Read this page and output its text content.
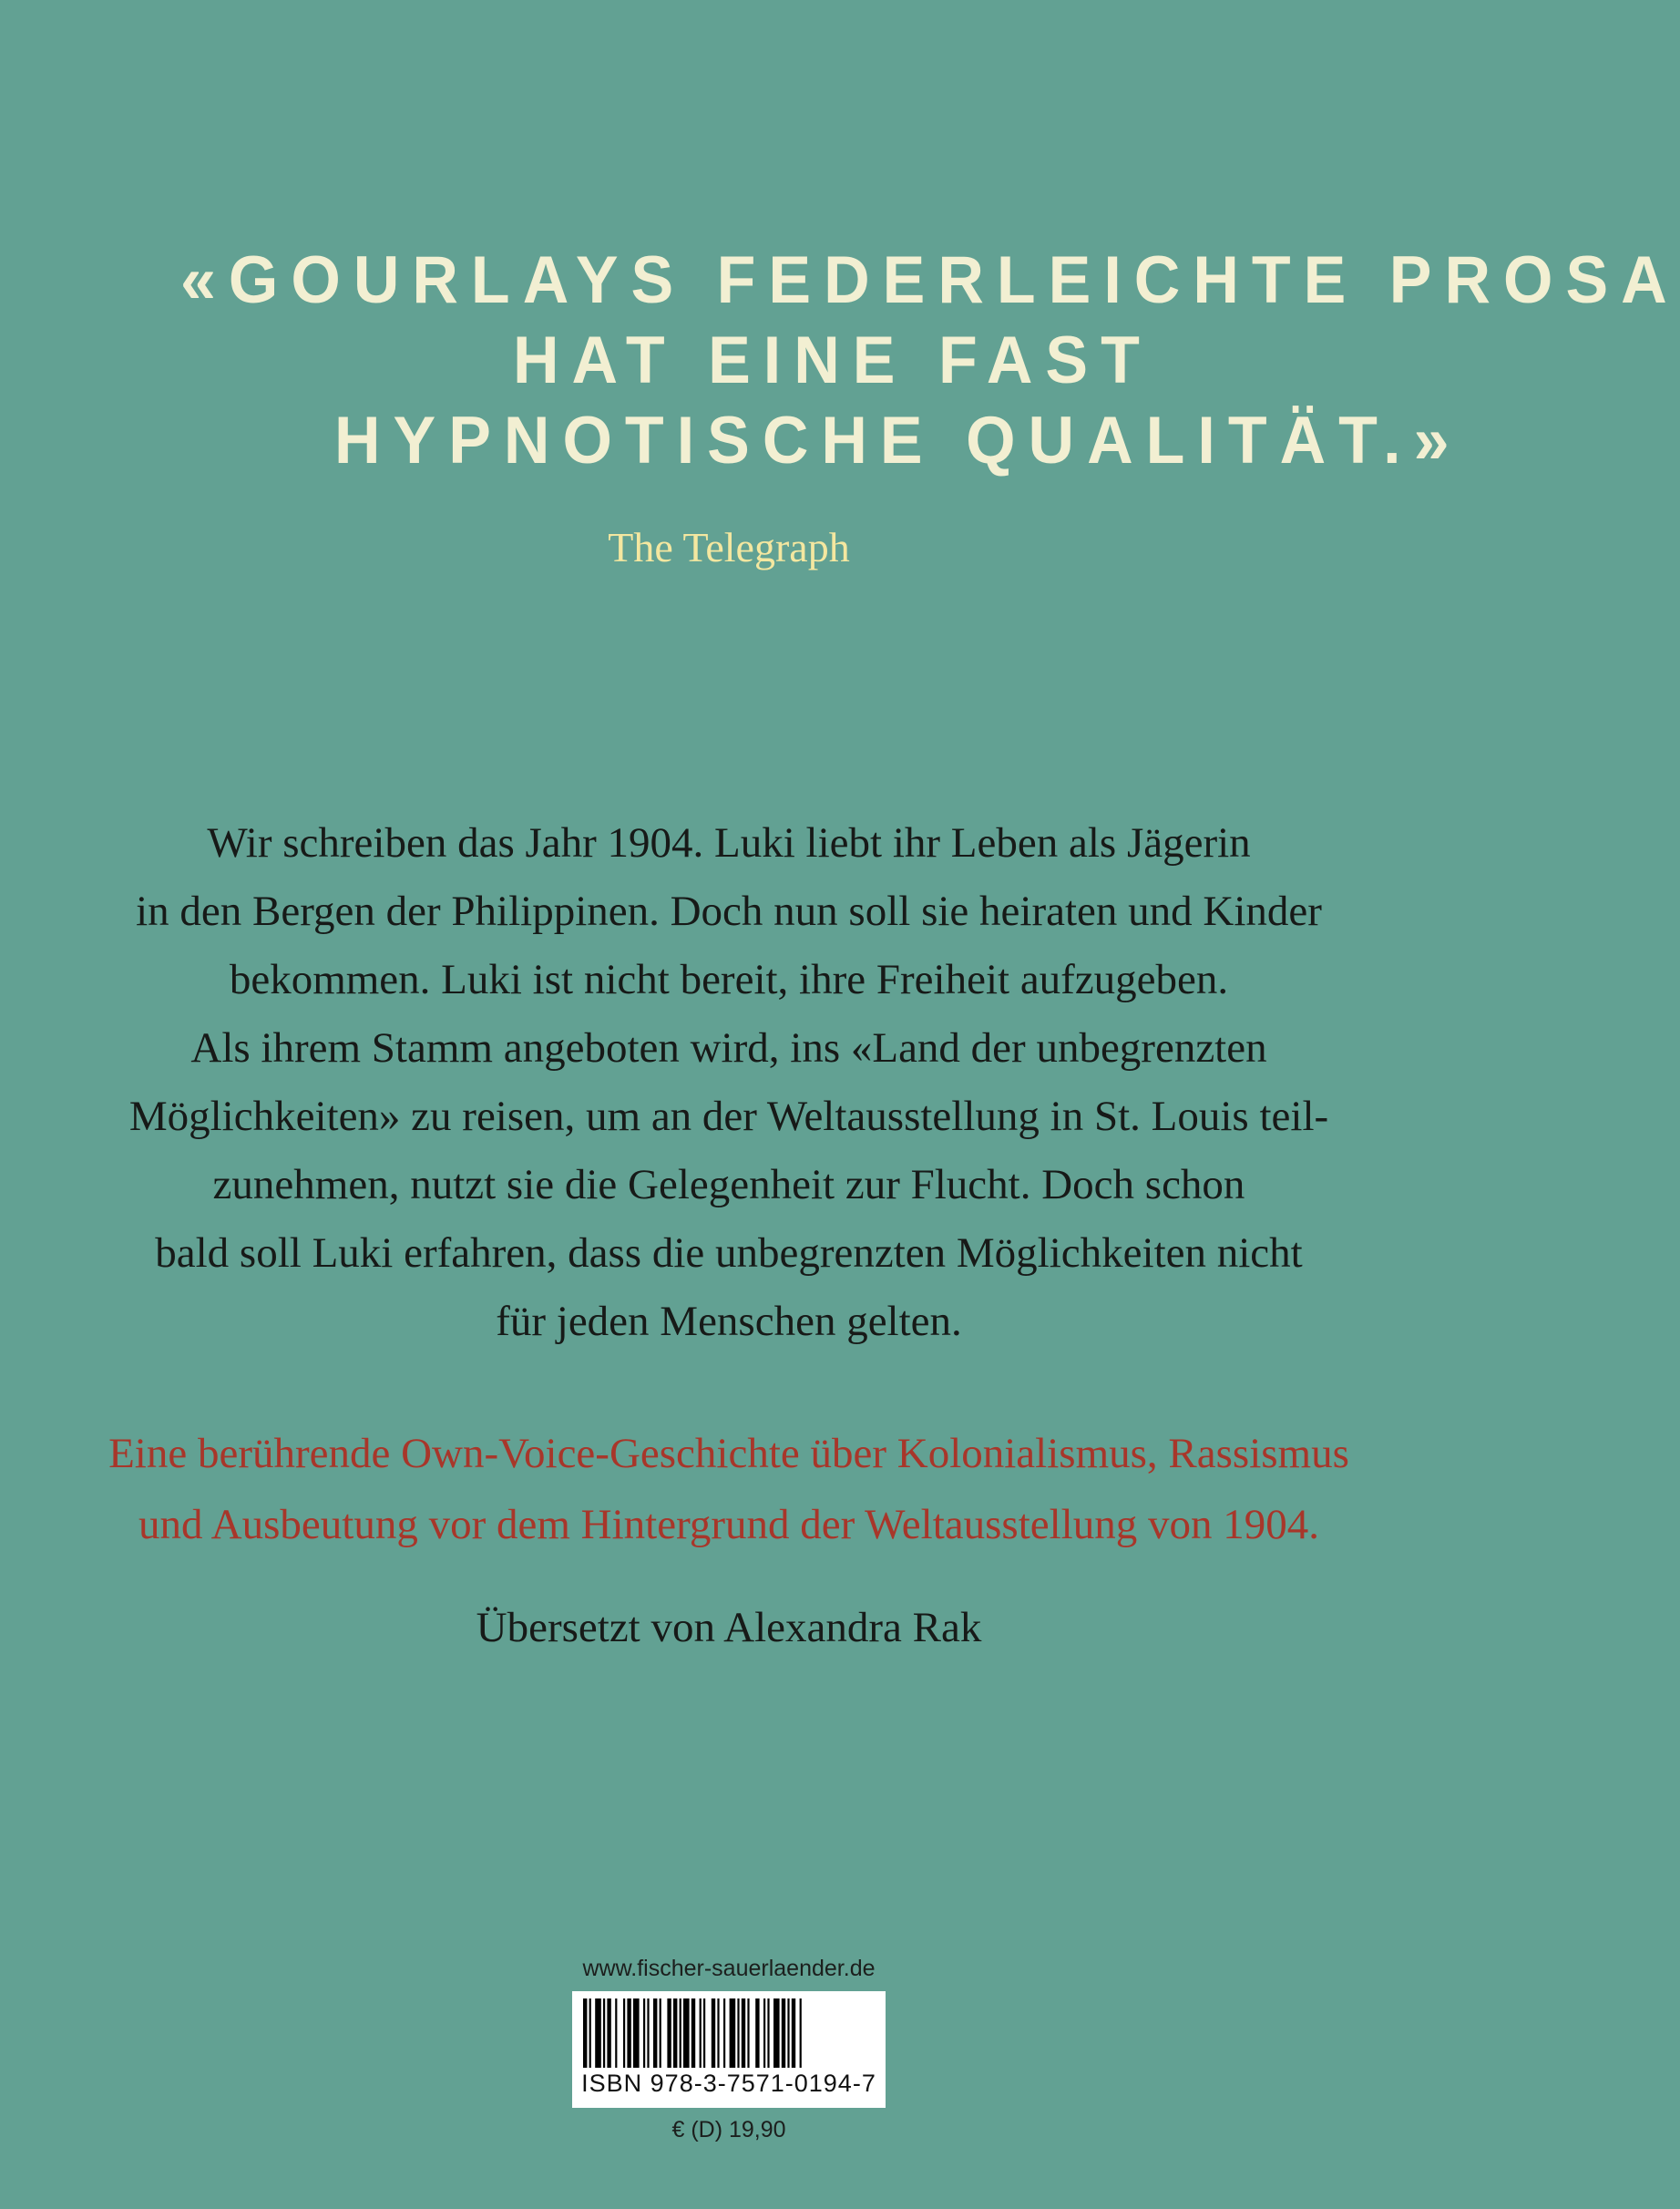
«GOURLAYS FEDERLEICHTE PROSA
HAT EINE FAST
HYPNOTISCHE QUALITÄT.»
The Telegraph
Wir schreiben das Jahr 1904. Luki liebt ihr Leben als Jägerin
in den Bergen der Philippinen. Doch nun soll sie heiraten und Kinder
bekommen. Luki ist nicht bereit, ihre Freiheit aufzugeben.
Als ihrem Stamm angeboten wird, ins «Land der unbegrenzten
Möglichkeiten» zu reisen, um an der Weltausstellung in St. Louis teil-
zunehmen, nutzt sie die Gelegenheit zur Flucht. Doch schon
bald soll Luki erfahren, dass die unbegrenzten Möglichkeiten nicht
für jeden Menschen gelten.
Eine berührende Own-Voice-Geschichte über Kolonialismus, Rassismus
und Ausbeutung vor dem Hintergrund der Weltausstellung von 1904.
Übersetzt von Alexandra Rak
www.fischer-sauerlaender.de
ISBN 978-3-7571-0194-7
€ (D) 19,90
